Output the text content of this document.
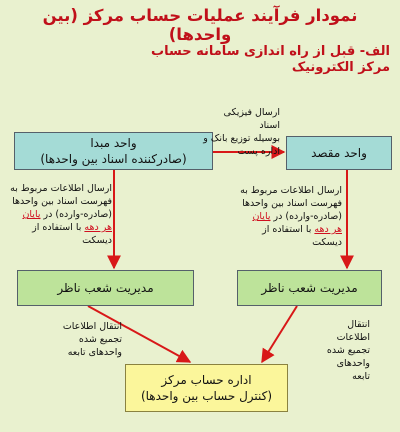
نمودار فرآیند عملیات حساب مرکز (بین واحدها)
الف- قبل از راه اندازی سامانه حساب مرکز الکترونیک
واحد مبدا
(صادرکننده اسناد بین واحدها)	واحد مقصد
مدیریت شعب ناظر	مدیریت شعب ناظر
اداره حساب مرکز
(کنترل حساب بین واحدها)
ارسال فیزیکی اسناد
بوسیله توزیع بانک و
اداره پست
ارسال اطلاعات مربوط به
فهرست اسناد بین واحدها
(صادره-وارده) در پایان
هر دهه با استفاده از
دیسکت
ارسال اطلاعات مربوط به
فهرست اسناد بین واحدها
(صادره-وارده) در پایان
هر دهه با استفاده از
دیسکت
انتقال اطلاعات
تجمیع شده
واحدهای تابعه
انتقال
اطلاعات
تجمیع شده
واحدهای
تابعه
